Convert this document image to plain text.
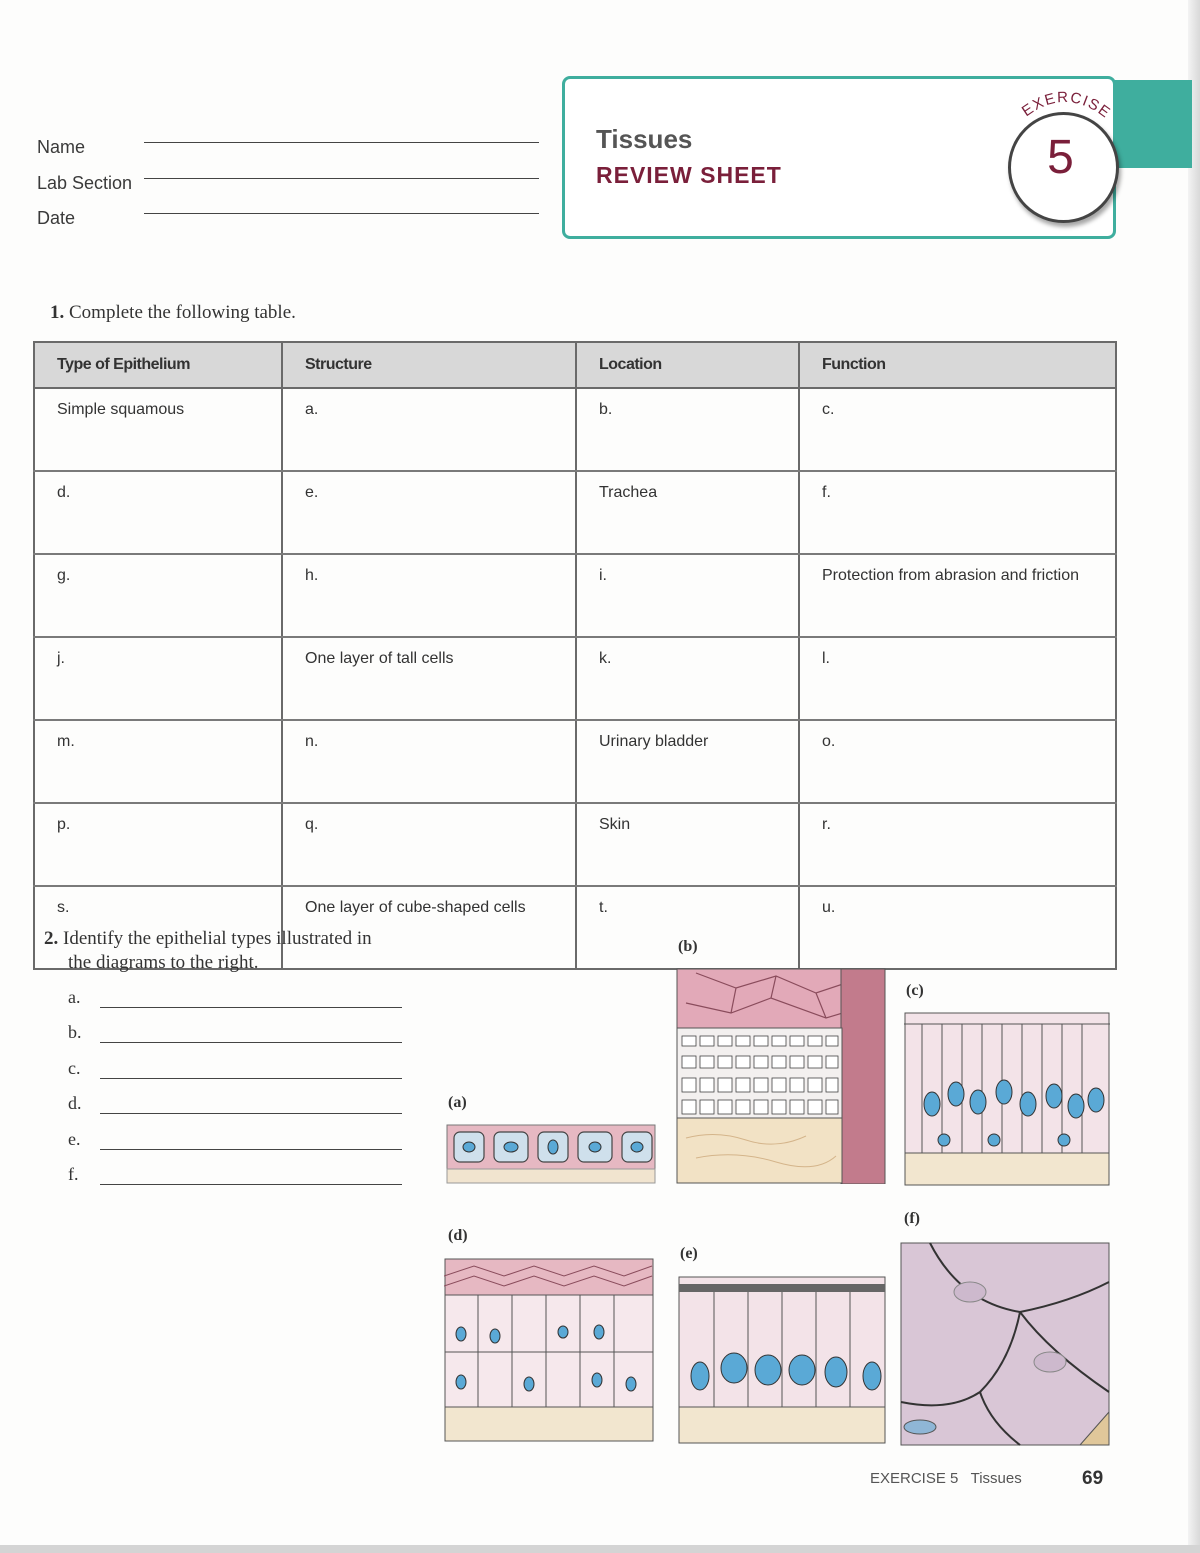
Name
Lab Section
Date
Tissues
REVIEW SHEET
EXERCISE
5
1. Complete the following table.
Type of Epithelium	Structure	Location	Function
Simple squamous	a.	b.	c.
d.	e.	Trachea	f.
g.	h.	i.	Protection from abrasion and friction
j.	One layer of tall cells	k.	l.
m.	n.	Urinary bladder	o.
p.	q.	Skin	r.
s.	One layer of cube-shaped cells	t.	u.
2. Identify the epithelial types illustrated in
the diagrams to the right.
a.
b.
c.
d.
e.
f.
(a)
(b)
(c)
(d)
(e)
(f)
EXERCISE 5   Tissues	69
